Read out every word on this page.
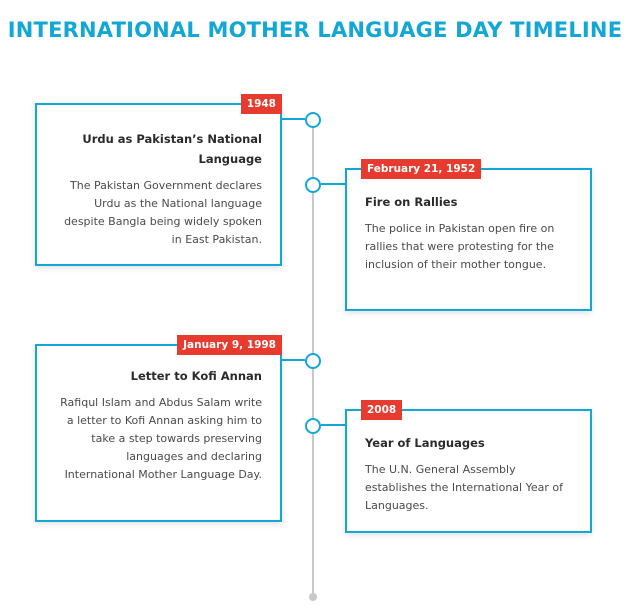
INTERNATIONAL MOTHER LANGUAGE DAY TIMELINE
1948
Urdu as Pakistan’s National Language
The Pakistan Government declares Urdu as the National language despite Bangla being widely spoken in East Pakistan.
February 21, 1952
Fire on Rallies
The police in Pakistan open fire on rallies that were protesting for the inclusion of their mother tongue.
January 9, 1998
Letter to Kofi Annan
Rafiqul Islam and Abdus Salam write a letter to Kofi Annan asking him to take a step towards preserving languages and declaring International Mother Language Day.
2008
Year of Languages
The U.N. General Assembly establishes the International Year of Languages.
